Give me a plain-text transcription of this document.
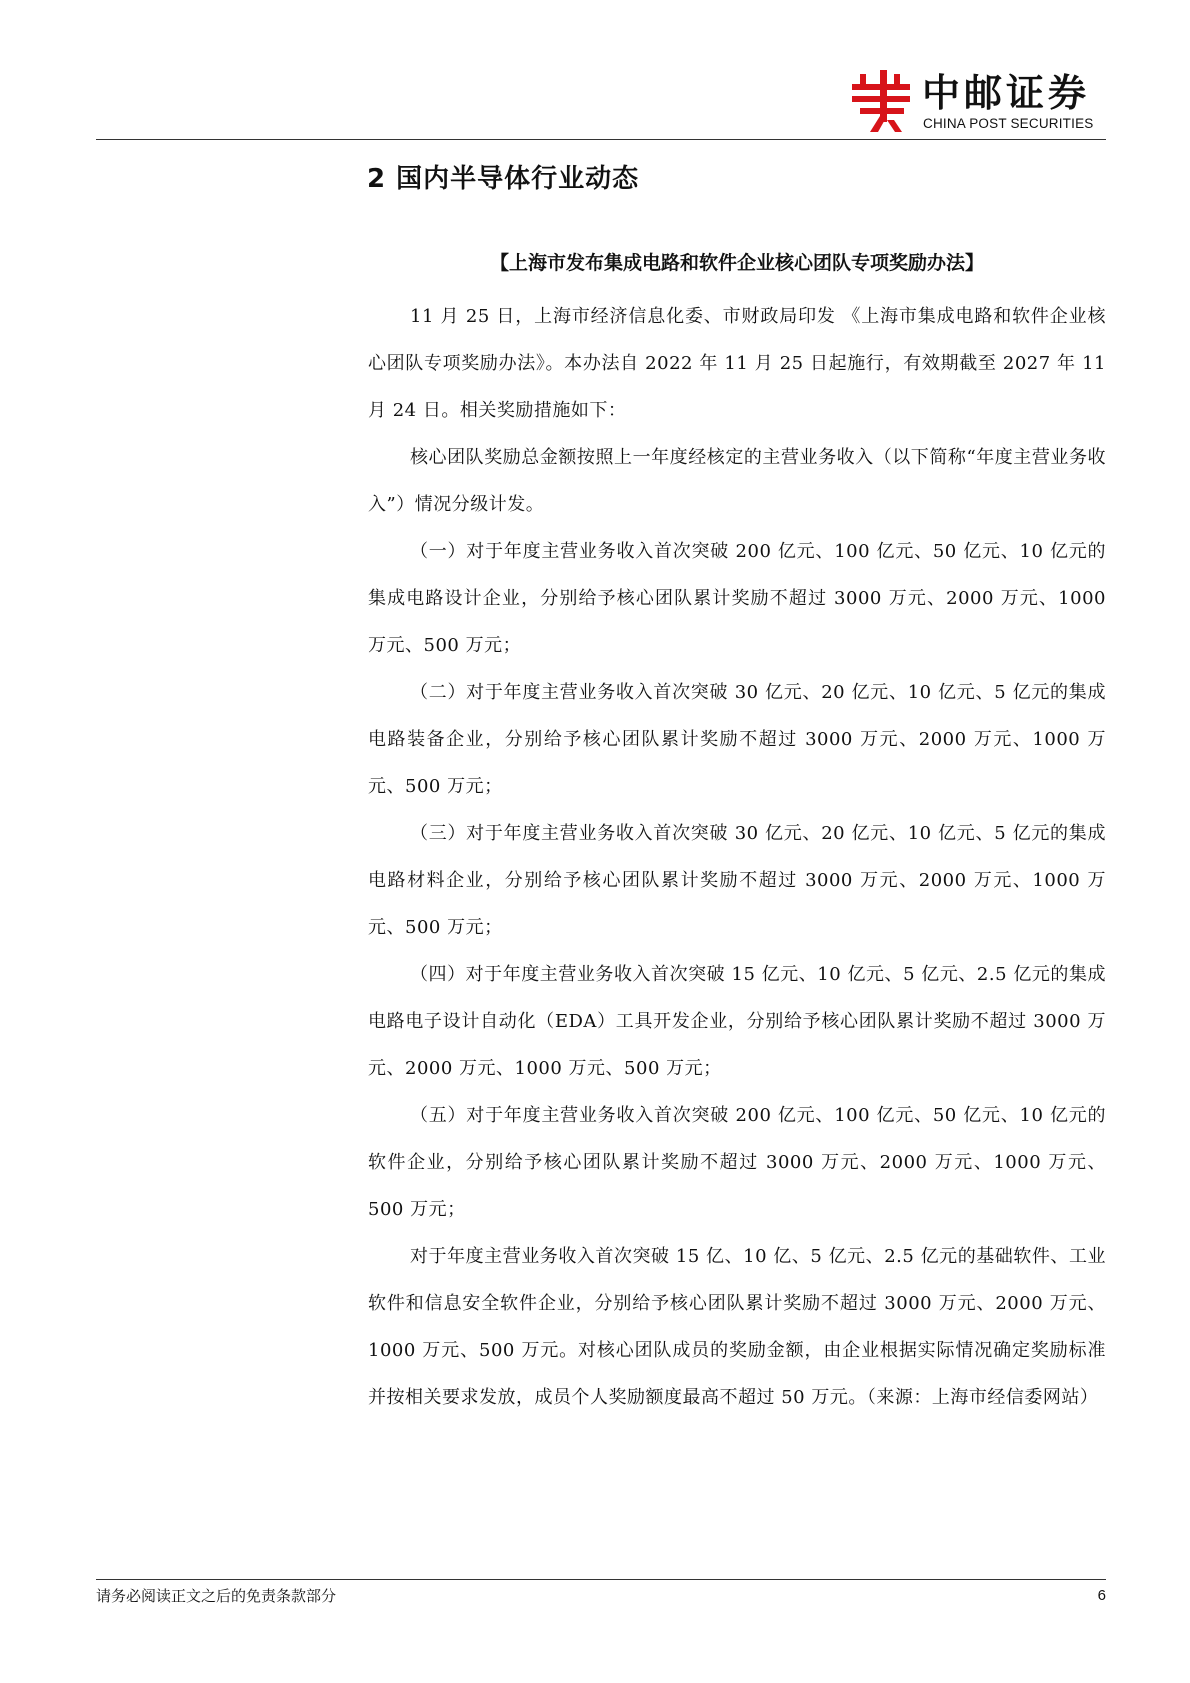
中邮证券
CHINA POST SECURITIES
2 国内半导体行业动态
【上海市发布集成电路和软件企业核心团队专项奖励办法】

11 月 25 日，上海市经济信息化委、市财政局印发 《上海市集成电路和软件企业核心团队专项奖励办法》。本办法自 2022 年 11 月 25 日起施行，有效期截至 2027 年 11 月 24 日。相关奖励措施如下：

核心团队奖励总金额按照上一年度经核定的主营业务收入（以下简称“年度主营业务收入”）情况分级计发。

（一）对于年度主营业务收入首次突破 200 亿元、100 亿元、50 亿元、10 亿元的集成电路设计企业，分别给予核心团队累计奖励不超过 3000 万元、2000 万元、1000 万元、500 万元；

（二）对于年度主营业务收入首次突破 30 亿元、20 亿元、10 亿元、5 亿元的集成电路装备企业，分别给予核心团队累计奖励不超过 3000 万元、2000 万元、1000 万元、500 万元；

（三）对于年度主营业务收入首次突破 30 亿元、20 亿元、10 亿元、5 亿元的集成电路材料企业，分别给予核心团队累计奖励不超过 3000 万元、2000 万元、1000 万元、500 万元；

（四）对于年度主营业务收入首次突破 15 亿元、10 亿元、5 亿元、2.5 亿元的集成电路电子设计自动化（EDA）工具开发企业，分别给予核心团队累计奖励不超过 3000 万元、2000 万元、1000 万元、500 万元；

（五）对于年度主营业务收入首次突破 200 亿元、100 亿元、50 亿元、10 亿元的软件企业，分别给予核心团队累计奖励不超过 3000 万元、2000 万元、1000 万元、500 万元；

对于年度主营业务收入首次突破 15 亿、10 亿、5 亿元、2.5 亿元的基础软件、工业软件和信息安全软件企业，分别给予核心团队累计奖励不超过 3000 万元、2000 万元、1000 万元、500 万元。对核心团队成员的奖励金额，由企业根据实际情况确定奖励标准并按相关要求发放，成员个人奖励额度最高不超过 50 万元。（来源：上海市经信委网站）

请务必阅读正文之后的免责条款部分	6
